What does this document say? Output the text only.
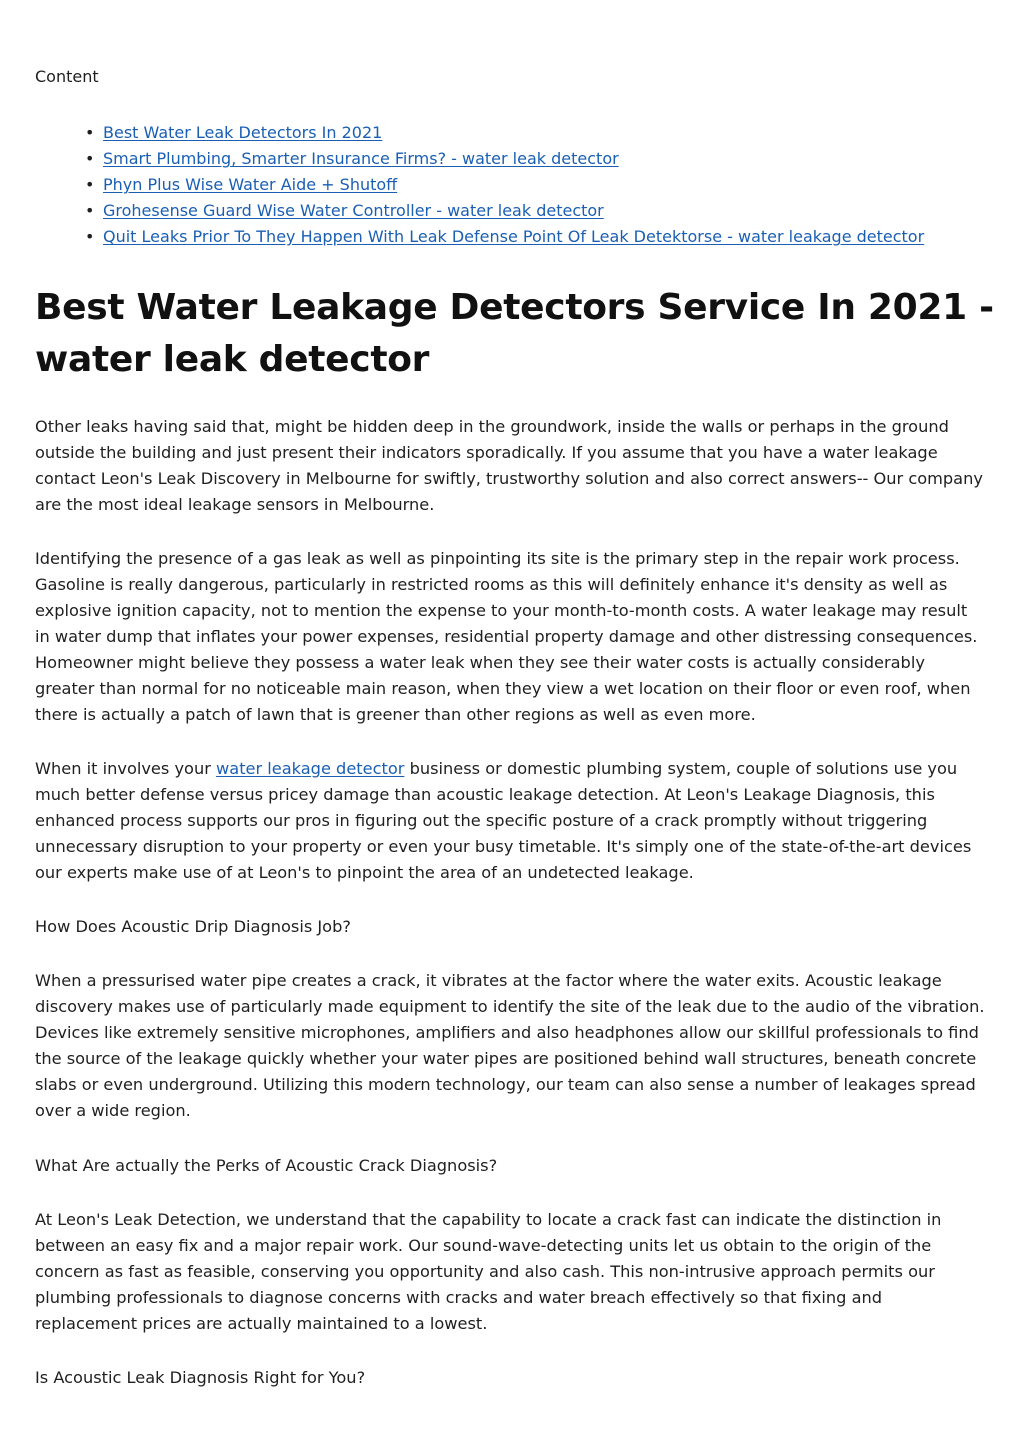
Content
• Best Water Leak Detectors In 2021
• Smart Plumbing, Smarter Insurance Firms? - water leak detector
• Phyn Plus Wise Water Aide + Shutoff
• Grohesense Guard Wise Water Controller - water leak detector
• Quit Leaks Prior To They Happen With Leak Defense Point Of Leak Detektorse - water leakage detector
Best Water Leakage Detectors Service In 2021 - water leak detector

Other leaks having said that, might be hidden deep in the groundwork, inside the walls or perhaps in the ground outside the building and just present their indicators sporadically. If you assume that you have a water leakage contact Leon's Leak Discovery in Melbourne for swiftly, trustworthy solution and also correct answers-- Our company are the most ideal leakage sensors in Melbourne.

Identifying the presence of a gas leak as well as pinpointing its site is the primary step in the repair work process. Gasoline is really dangerous, particularly in restricted rooms as this will definitely enhance it's density as well as explosive ignition capacity, not to mention the expense to your month-to-month costs. A water leakage may result in water dump that inflates your power expenses, residential property damage and other distressing consequences. Homeowner might believe they possess a water leak when they see their water costs is actually considerably greater than normal for no noticeable main reason, when they view a wet location on their floor or even roof, when there is actually a patch of lawn that is greener than other regions as well as even more.

When it involves your water leakage detector business or domestic plumbing system, couple of solutions use you much better defense versus pricey damage than acoustic leakage detection. At Leon's Leakage Diagnosis, this enhanced process supports our pros in figuring out the specific posture of a crack promptly without triggering unnecessary disruption to your property or even your busy timetable. It's simply one of the state-of-the-art devices our experts make use of at Leon's to pinpoint the area of an undetected leakage.

How Does Acoustic Drip Diagnosis Job?

When a pressurised water pipe creates a crack, it vibrates at the factor where the water exits. Acoustic leakage discovery makes use of particularly made equipment to identify the site of the leak due to the audio of the vibration. Devices like extremely sensitive microphones, amplifiers and also headphones allow our skillful professionals to find the source of the leakage quickly whether your water pipes are positioned behind wall structures, beneath concrete slabs or even underground. Utilizing this modern technology, our team can also sense a number of leakages spread over a wide region.

What Are actually the Perks of Acoustic Crack Diagnosis?

At Leon's Leak Detection, we understand that the capability to locate a crack fast can indicate the distinction in between an easy fix and a major repair work. Our sound-wave-detecting units let us obtain to the origin of the concern as fast as feasible, conserving you opportunity and also cash. This non-intrusive approach permits our plumbing professionals to diagnose concerns with cracks and water breach effectively so that fixing and replacement prices are actually maintained to a lowest.

Is Acoustic Leak Diagnosis Right for You?
